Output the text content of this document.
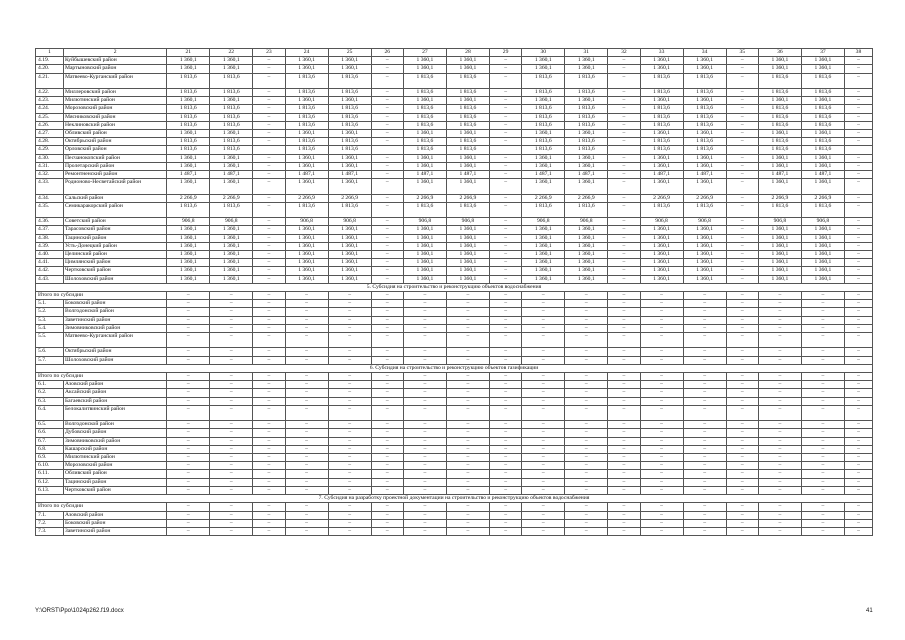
1	2	21	22	23	24	25	26	27	28	29	30	31	32	33	34	35	36	37	38
4.19.	Куйбышевский район	1 360,1	1 360,1	–	1 360,1	1 360,1	–	1 360,1	1 360,1	–	1 360,1	1 360,1	–	1 360,1	1 360,1	–	1 360,1	1 360,1	–
4.20.	Мартыновский район	1 360,1	1 360,1	–	1 360,1	1 360,1	–	1 360,1	1 360,1	–	1 360,1	1 360,1	–	1 360,1	1 360,1	–	1 360,1	1 360,1	–
4.21.	Матвеево-Курганский район	1 813,6	1 813,6	–	1 813,6	1 813,6	–	1 813,6	1 813,6	–	1 813,6	1 813,6	–	1 813,6	1 813,6	–	1 813,6	1 813,6	–
4.22.	Миллеровский район	1 813,6	1 813,6	–	1 813,6	1 813,6	–	1 813,6	1 813,6	–	1 813,6	1 813,6	–	1 813,6	1 813,6	–	1 813,6	1 813,6	–
4.23.	Милютинский район	1 360,1	1 360,1	–	1 360,1	1 360,1	–	1 360,1	1 360,1	–	1 360,1	1 360,1	–	1 360,1	1 360,1	–	1 360,1	1 360,1	–
4.24.	Морозовский район	1 813,6	1 813,6	–	1 813,6	1 813,6	–	1 813,6	1 813,6	–	1 813,6	1 813,6	–	1 813,6	1 813,6	–	1 813,6	1 813,6	–
4.25.	Мясниковский район	1 813,6	1 813,6	–	1 813,6	1 813,6	–	1 813,6	1 813,6	–	1 813,6	1 813,6	–	1 813,6	1 813,6	–	1 813,6	1 813,6	–
4.26.	Неклиновский район	1 813,6	1 813,6	–	1 813,6	1 813,6	–	1 813,6	1 813,6	–	1 813,6	1 813,6	–	1 813,6	1 813,6	–	1 813,6	1 813,6	–
4.27.	Обливский район	1 360,1	1 360,1	–	1 360,1	1 360,1	–	1 360,1	1 360,1	–	1 360,1	1 360,1	–	1 360,1	1 360,1	–	1 360,1	1 360,1	–
4.28.	Октябрьский район	1 813,6	1 813,6	–	1 813,6	1 813,6	–	1 813,6	1 813,6	–	1 813,6	1 813,6	–	1 813,6	1 813,6	–	1 813,6	1 813,6	–
4.29.	Орловский район	1 813,6	1 813,6		1 813,6	1 813,6		1 813,6	1 813,6		1 813,6	1 813,6		1 813,6	1 813,6		1 813,6	1 813,6	
4.30.	Песчанокопский район	1 360,1	1 360,1	–	1 360,1	1 360,1	–	1 360,1	1 360,1	–	1 360,1	1 360,1	–	1 360,1	1 360,1	–	1 360,1	1 360,1	–
4.31.	Пролетарский район	1 360,1	1 360,1	–	1 360,1	1 360,1	–	1 360,1	1 360,1	–	1 360,1	1 360,1	–	1 360,1	1 360,1	–	1 360,1	1 360,1	–
4.32.	Ремонтненский район	1 487,1	1 487,1	–	1 487,1	1 487,1	–	1 487,1	1 487,1	–	1 487,1	1 487,1	–	1 487,1	1 487,1	–	1 487,1	1 487,1	–
4.33.	Родионово-Несветайский район	1 360,1	1 360,1	–	1 360,1	1 360,1	–	1 360,1	1 360,1	–	1 360,1	1 360,1	–	1 360,1	1 360,1	–	1 360,1	1 360,1	–
4.34.	Сальский район	2 266,9	2 266,9	–	2 266,9	2 266,9	–	2 266,9	2 266,9	–	2 266,9	2 266,9	–	2 266,9	2 266,9	–	2 266,9	2 266,9	–
4.35.	Семикаракорский район	1 813,6	1 813,6	–	1 813,6	1 813,6	–	1 813,6	1 813,6	–	1 813,6	1 813,6	–	1 813,6	1 813,6	–	1 813,6	1 813,6	–
4.36.	Советский район	906,8	906,8	–	906,8	906,8	–	906,8	906,8	–	906,8	906,8	–	906,8	906,8	–	906,8	906,8	–
4.37.	Тарасовский район	1 360,1	1 360,1	–	1 360,1	1 360,1	–	1 360,1	1 360,1	–	1 360,1	1 360,1	–	1 360,1	1 360,1	–	1 360,1	1 360,1	–
4.38.	Тацинский район	1 360,1	1 360,1	–	1 360,1	1 360,1	–	1 360,1	1 360,1	–	1 360,1	1 360,1	–	1 360,1	1 360,1	–	1 360,1	1 360,1	–
4.39.	Усть-Донецкий район	1 360,1	1 360,1	–	1 360,1	1 360,1	–	1 360,1	1 360,1	–	1 360,1	1 360,1	–	1 360,1	1 360,1	–	1 360,1	1 360,1	–
4.40.	Целинский район	1 360,1	1 360,1	–	1 360,1	1 360,1	–	1 360,1	1 360,1	–	1 360,1	1 360,1	–	1 360,1	1 360,1	–	1 360,1	1 360,1	–
4.41.	Цимлянский район	1 360,1	1 360,1	–	1 360,1	1 360,1	–	1 360,1	1 360,1	–	1 360,1	1 360,1	–	1 360,1	1 360,1	–	1 360,1	1 360,1	–
4.42.	Чертковский район	1 360,1	1 360,1	–	1 360,1	1 360,1	–	1 360,1	1 360,1	–	1 360,1	1 360,1	–	1 360,1	1 360,1	–	1 360,1	1 360,1	–
4.43.	Шолоховский район	1 360,1	1 360,1	–	1 360,1	1 360,1	–	1 360,1	1 360,1	–	1 360,1	1 360,1	–	1 360,1	1 360,1	–	1 360,1	1 360,1	–
5. Субсидия на строительство и реконструкцию объектов водоснабжения																			
Итого по субсидии		–	–	–	–	–	–	–	–	–	–	–	–	–	–	–	–	–	–
5.1.	Боковский район	–	–	–	–	–	–	–	–	–	–	–	–	–	–	–	–	–	–
5.2.	Волгодонской район	–	–	–	–	–	–	–	–	–	–	–	–	–	–	–	–	–	–
5.3.	Заветинский район	–	–	–	–	–	–	–	–	–	–	–	–	–	–	–	–	–	–
5.4.	Зимовниковский район	–	–	–	–	–	–	–	–	–	–	–	–	–	–	–	–	–	–
5.5.	Матвеево-Курганский район	–	–	–	–	–	–	–	–	–	–	–	–	–	–	–	–	–	–
5.6.	Октябрьский район	–	–	–	–	–	–	–	–	–	–	–	–	–	–	–	–	–	–
5.7.	Шолоховский район	–	–	–	–	–	–	–	–	–	–	–	–	–	–	–	–	–	–
6. Субсидия на строительство и реконструкцию объектов газификации																			
Итого по субсидии		–	–	–	–	–	–	–	–	–	–	–	–	–	–	–	–	–	–
6.1.	Азовский район	–	–	–	–	–	–	–	–	–	–	–	–	–	–	–	–	–	–
6.2.	Аксайский район	–	–	–	–	–	–	–	–	–	–	–	–	–	–	–	–	–	–
6.3.	Багаевский район	–	–	–	–	–	–	–	–	–	–	–	–	–	–	–	–	–	–
6.4.	Белокалитвинский район	–	–	–	–	–	–	–	–	–	–	–	–	–	–	–	–	–	–
6.5.	Волгодонской район	–	–	–	–	–	–	–	–	–	–	–	–	–	–	–	–	–	–
6.6.	Дубовский район	–	–	–	–	–	–	–	–	–	–	–	–	–	–	–	–	–	–
6.7.	Зимовниковский район	–	–	–	–	–	–	–	–	–	–	–	–	–	–	–	–	–	–
6.8.	Кашарский район	–	–	–	–	–	–	–	–	–	–	–	–	–	–	–	–	–	–
6.9.	Милютинский район	–	–	–	–	–	–	–	–	–	–	–	–	–	–	–	–	–	–
6.10.	Морозовский район	–	–	–	–	–	–	–	–	–	–	–	–	–	–	–	–	–	–
6.11.	Обливский район	–	–	–	–	–	–	–	–	–	–	–	–	–	–	–	–	–	–
6.12.	Тацинский район	–	–	–	–	–	–	–	–	–	–	–	–	–	–	–	–	–	–
6.13.	Чертковский район	–	–	–	–	–	–	–	–	–	–	–	–	–	–	–	–	–	–
7. Субсидия на разработку проектной документации на строительство и реконструкцию объектов водоснабжения																			
Итого по субсидии		–	–	–	–	–	–	–	–	–	–	–	–	–	–	–	–	–	–
7.1.	Азовский район	–	–	–	–	–	–	–	–	–	–	–	–	–	–	–	–	–	–
7.2.	Боковский район	–	–	–	–	–	–	–	–	–	–	–	–	–	–	–	–	–	–
7.3.	Заветинский район	–	–	–	–	–	–	–	–	–	–	–	–	–	–	–	–	–	–
Y:\ORST\Ppo\1024p262.f19.docx	41
